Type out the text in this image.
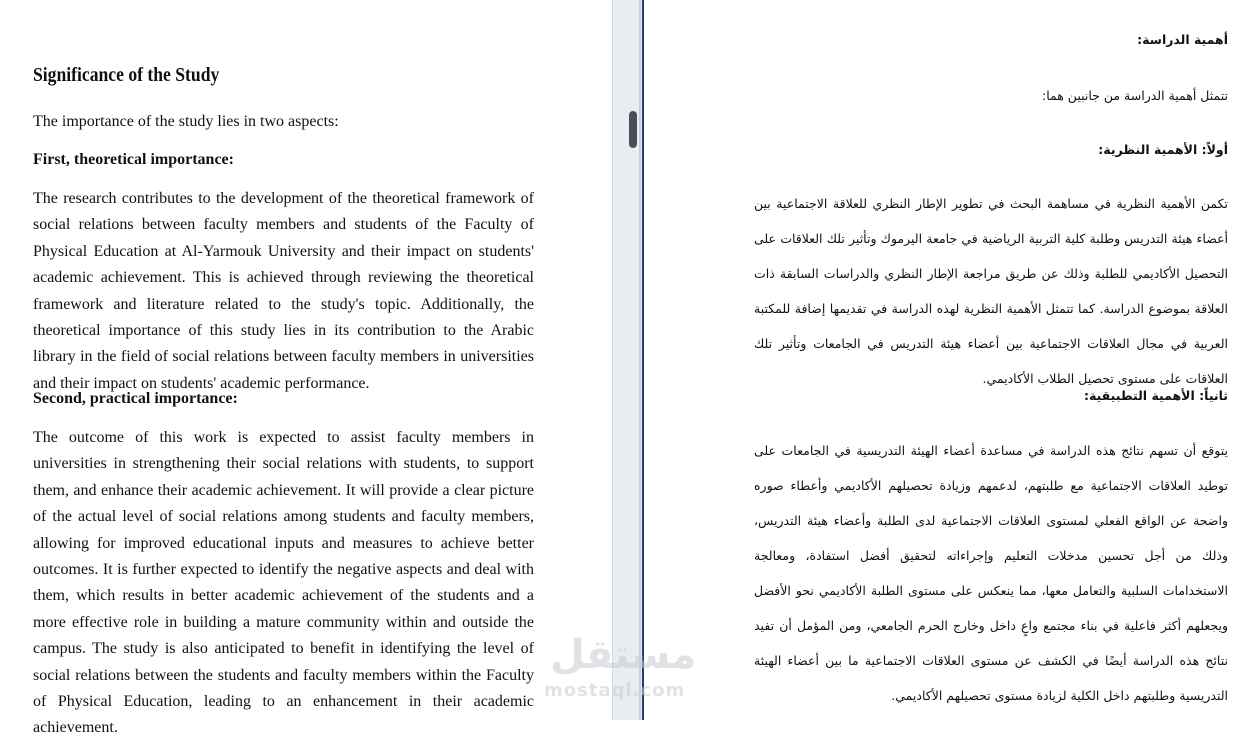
Significance of the Study
The importance of the study lies in two aspects:
First, theoretical importance:
The research contributes to the development of the theoretical framework of social relations between faculty members and students of the Faculty of Physical Education at Al-Yarmouk University and their impact on students' academic achievement. This is achieved through reviewing the theoretical framework and literature related to the study's topic. Additionally, the theoretical importance of this study lies in its contribution to the Arabic library in the field of social relations between faculty members in universities and their impact on students' academic performance.
Second, practical importance:
The outcome of this work is expected to assist faculty members in universities in strengthening their social relations with students, to support them, and enhance their academic achievement. It will provide a clear picture of the actual level of social relations among students and faculty members, allowing for improved educational inputs and measures to achieve better outcomes. It is further expected to identify the negative aspects and deal with them, which results in better academic achievement of the students and a more effective role in building a mature community within and outside the campus. The study is also anticipated to benefit in identifying the level of social relations between the students and faculty members within the Faculty of Physical Education, leading to an enhancement in their academic achievement.
أهمية الدراسة:
تتمثل أهمية الدراسة من جانبين هما:
أولاً: الأهمية النظرية:
تكمن الأهمية النظرية في مساهمة البحث في تطوير الإطار النظري للعلاقة الاجتماعية بين أعضاء هيئة التدريس وطلبة كلية التربية الرياضية في جامعة اليرموك وتأثير تلك العلاقات على التحصيل الأكاديمي للطلبة وذلك عن طريق مراجعة الإطار النظري والدراسات السابقة ذات العلاقة بموضوع الدراسة. كما تتمثل الأهمية النظرية لهذه الدراسة في تقديمها إضافة للمكتبة العربية في مجال العلاقات الاجتماعية بين أعضاء هيئة التدريس في الجامعات وتأثير تلك العلاقات على مستوى تحصيل الطلاب الأكاديمي.
ثانياً: الأهمية التطبيقية:
يتوقع أن تسهم نتائج هذه الدراسة في مساعدة أعضاء الهيئة التدريسية في الجامعات على توطيد العلاقات الاجتماعية مع طلبتهم، لدعمهم وزيادة تحصيلهم الأكاديمي وأعطاء صوره واضحة عن الواقع الفعلي لمستوى العلاقات الاجتماعية لدى الطلبة وأعضاء هيئة التدريس، وذلك من أجل تحسين مدخلات التعليم وإجراءاته لتحقيق أفضل استفادة، ومعالجة الاستخدامات السلبية والتعامل معها، مما ينعكس على مستوى الطلبة الأكاديمي نحو الأفضل ويجعلهم أكثر فاعلية في بناء مجتمع واعٍ داخل وخارج الحرم الجامعي، ومن المؤمل أن تفيد نتائج هذه الدراسة أيضًا في الكشف عن مستوى العلاقات الاجتماعية ما بين أعضاء الهيئة التدريسية وطلبتهم داخل الكلية لزيادة مستوى تحصيلهم الأكاديمي.
مستقل
mostaql.com
